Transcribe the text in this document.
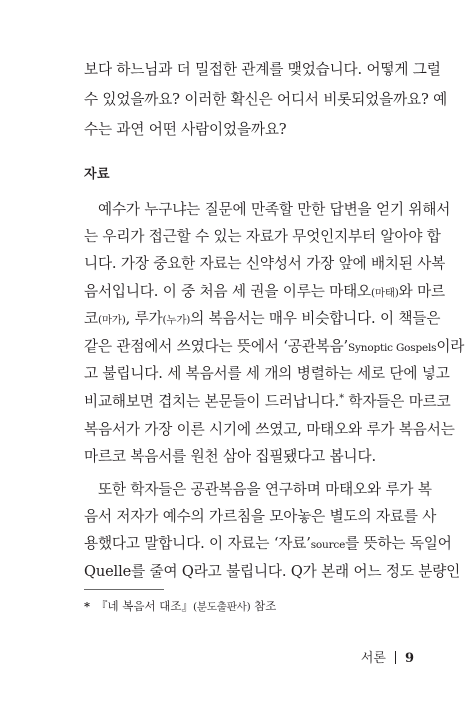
보다 하느님과 더 밀접한 관계를 맺었습니다. 어떻게 그럴
수 있었을까요? 이러한 확신은 어디서 비롯되었을까요? 예
수는 과연 어떤 사람이었을까요?
자료
예수가 누구냐는 질문에 만족할 만한 답변을 얻기 위해서
는 우리가 접근할 수 있는 자료가 무엇인지부터 알아야 합
니다. 가장 중요한 자료는 신약성서 가장 앞에 배치된 사복
음서입니다. 이 중 처음 세 권을 이루는 마태오(마태)와 마르
코(마가), 루가(누가)의 복음서는 매우 비슷합니다. 이 책들은
같은 관점에서 쓰였다는 뜻에서 ‘공관복음’Synoptic Gospels이라
고 불립니다. 세 복음서를 세 개의 병렬하는 세로 단에 넣고
비교해보면 겹치는 본문들이 드러납니다.* 학자들은 마르코
복음서가 가장 이른 시기에 쓰였고, 마태오와 루가 복음서는
마르코 복음서를 원천 삼아 집필됐다고 봅니다.
또한 학자들은 공관복음을 연구하며 마태오와 루가 복
음서 저자가 예수의 가르침을 모아놓은 별도의 자료를 사
용했다고 말합니다. 이 자료는 ‘자료’source를 뜻하는 독일어
Quelle를 줄여 Q라고 불립니다. Q가 본래 어느 정도 분량인
* 『네 복음서 대조』(분도출판사) 참조
서론 9
